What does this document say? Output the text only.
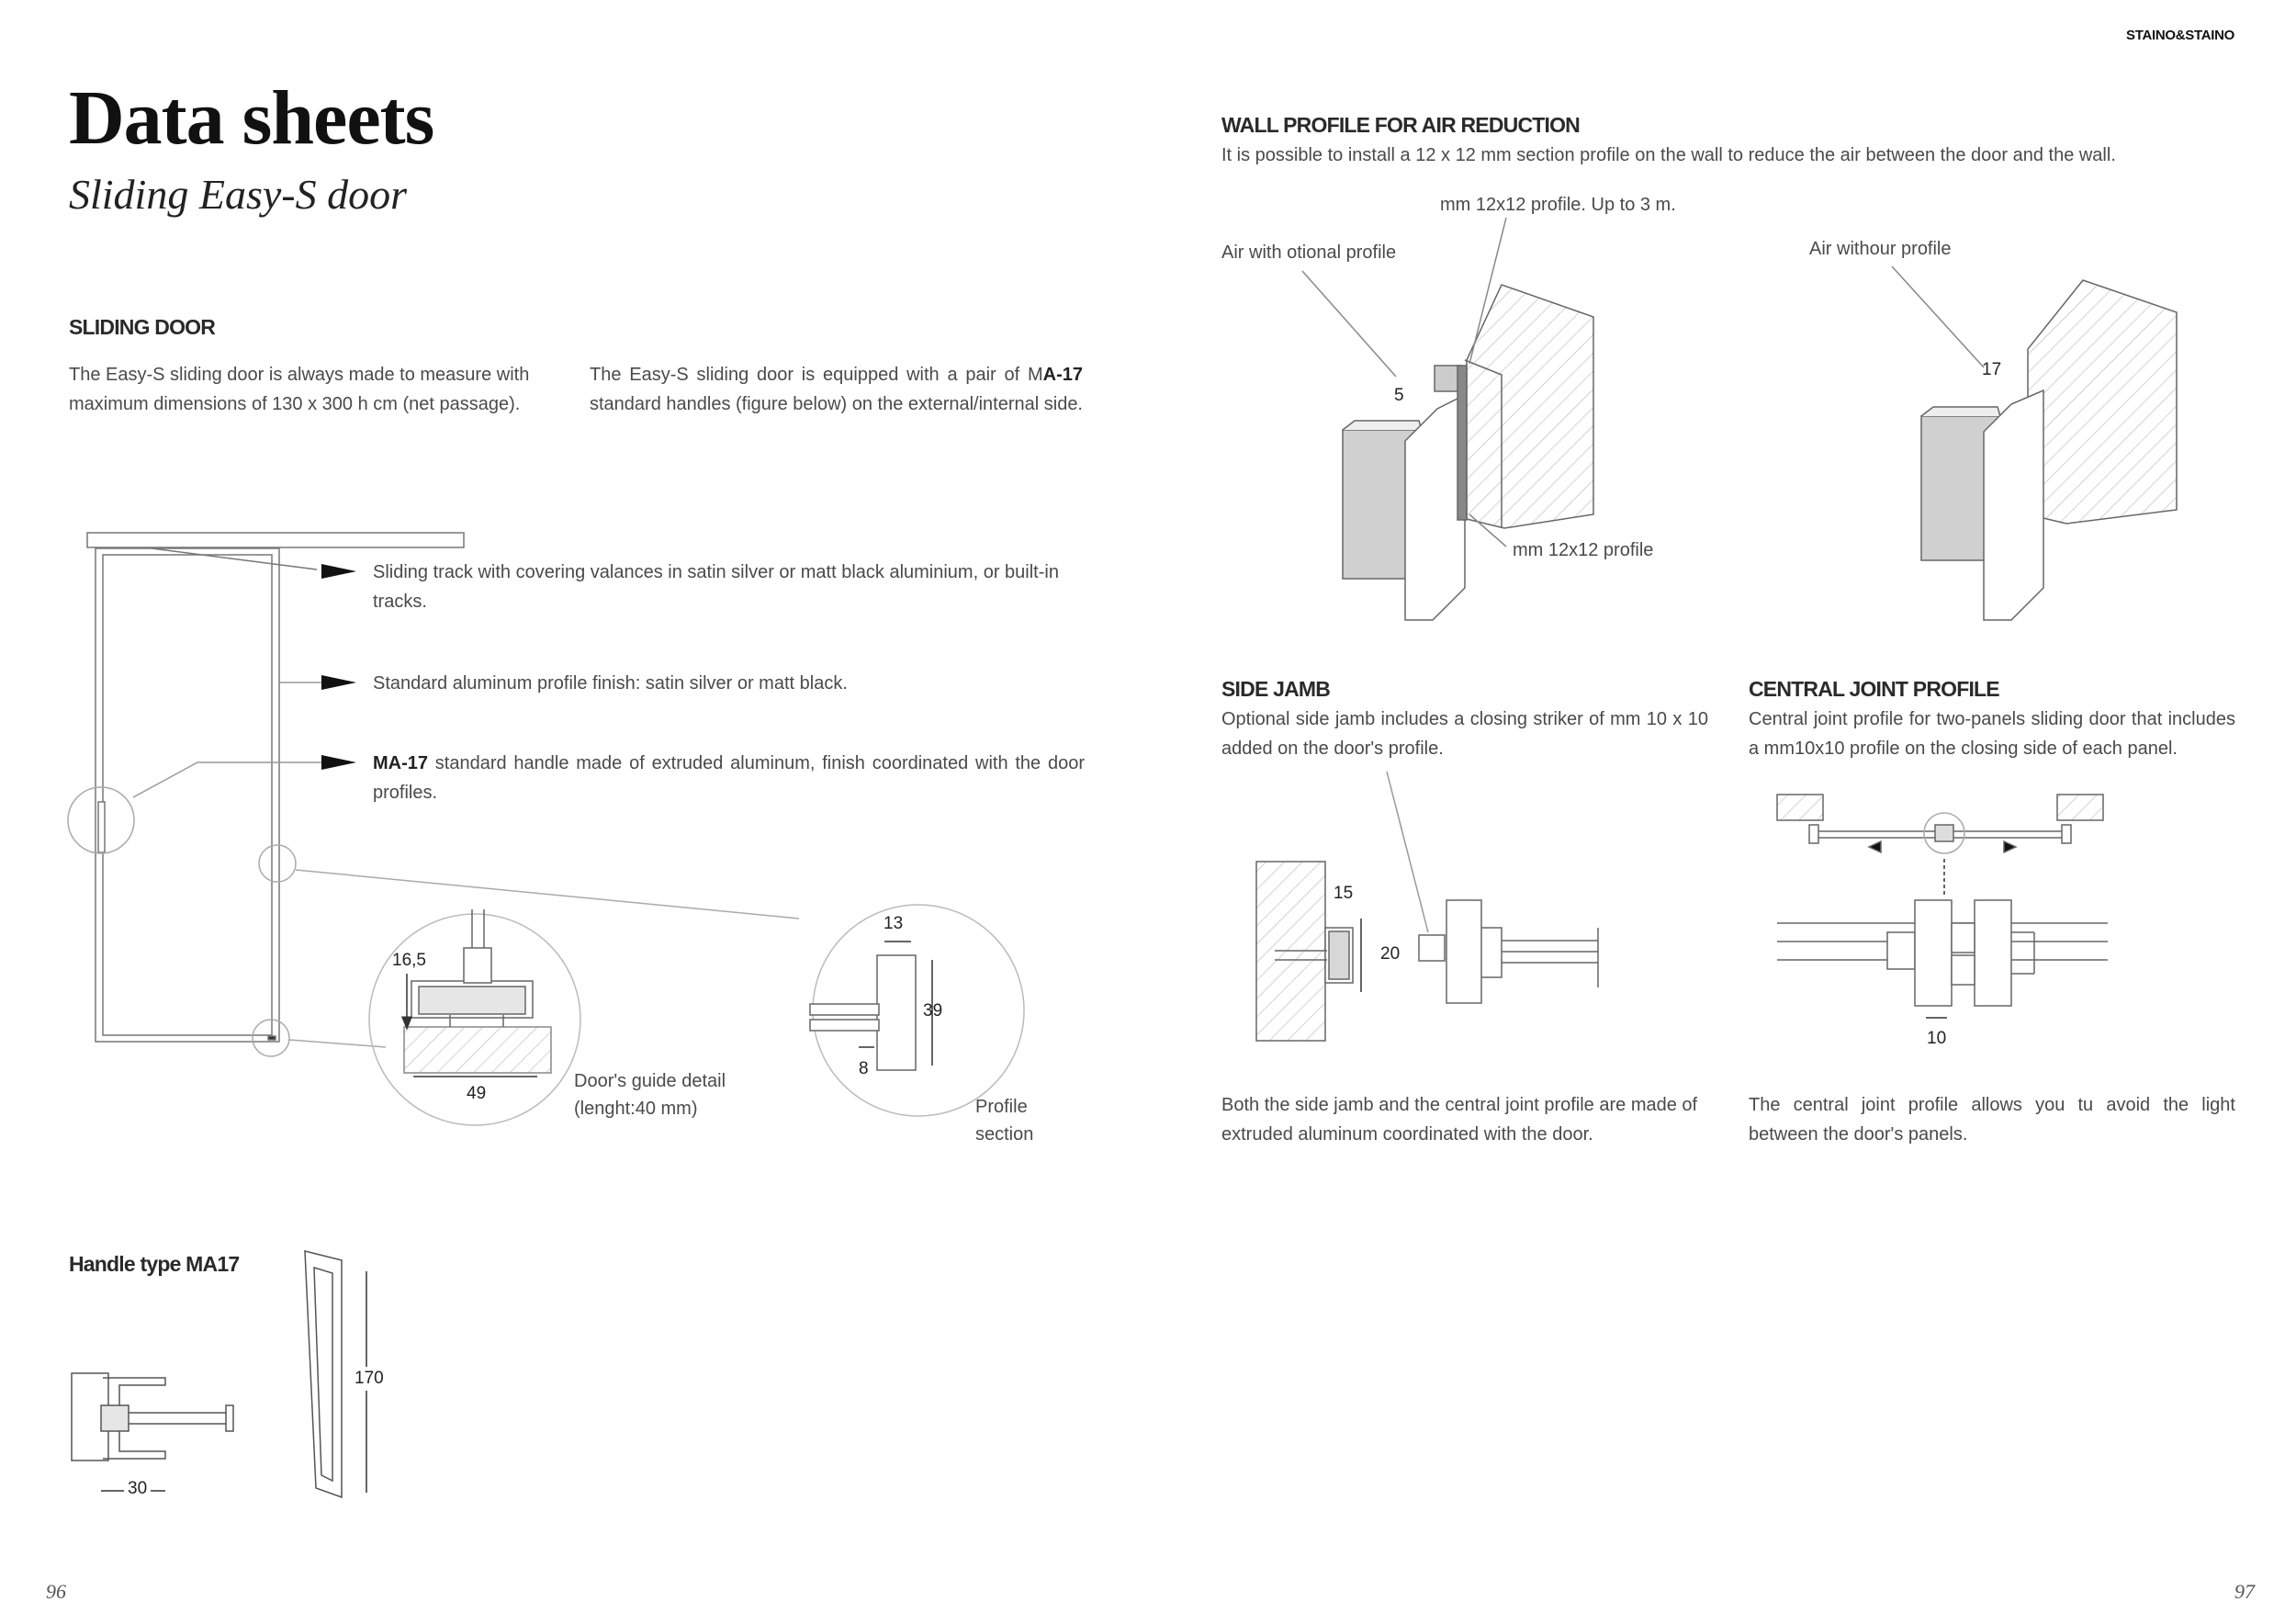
STAINO&STAINO
Data sheets
Sliding Easy-S door
SLIDING DOOR
The Easy-S sliding door is always made to measure with maximum dimensions of 130 x 300 h cm (net passage).
The Easy-S sliding door is equipped with a pair of MA-17 standard handles (figure below) on the external/internal side.
Sliding track with covering valances in satin silver or matt black aluminium, or built-in tracks.
Standard aluminum profile finish: satin silver or matt black.
MA-17 standard handle made of extruded aluminum, finish coordinated with the door profiles.
16,5
49
Door's guide detail
(lenght:40 mm)
13
39
8
Profile
section
Handle type MA17
30
170
96
WALL PROFILE FOR AIR REDUCTION
It is possible to install a 12 x 12 mm section profile on the wall to reduce the air between the door and the wall.
mm 12x12 profile. Up to 3 m.
Air with otional profile	Air withour profile
mm 12x12 profile
5
17
SIDE JAMB
Optional side jamb includes a closing striker of mm 10 x 10 added on the door's profile.
15
20
Both the side jamb and the central joint profile are made of extruded aluminum coordinated with the door.
CENTRAL JOINT PROFILE
Central joint profile for two-panels sliding door that includes a mm10x10 profile on the closing side of each panel.
10
The central joint profile allows you tu avoid the light between the door's panels.
97
